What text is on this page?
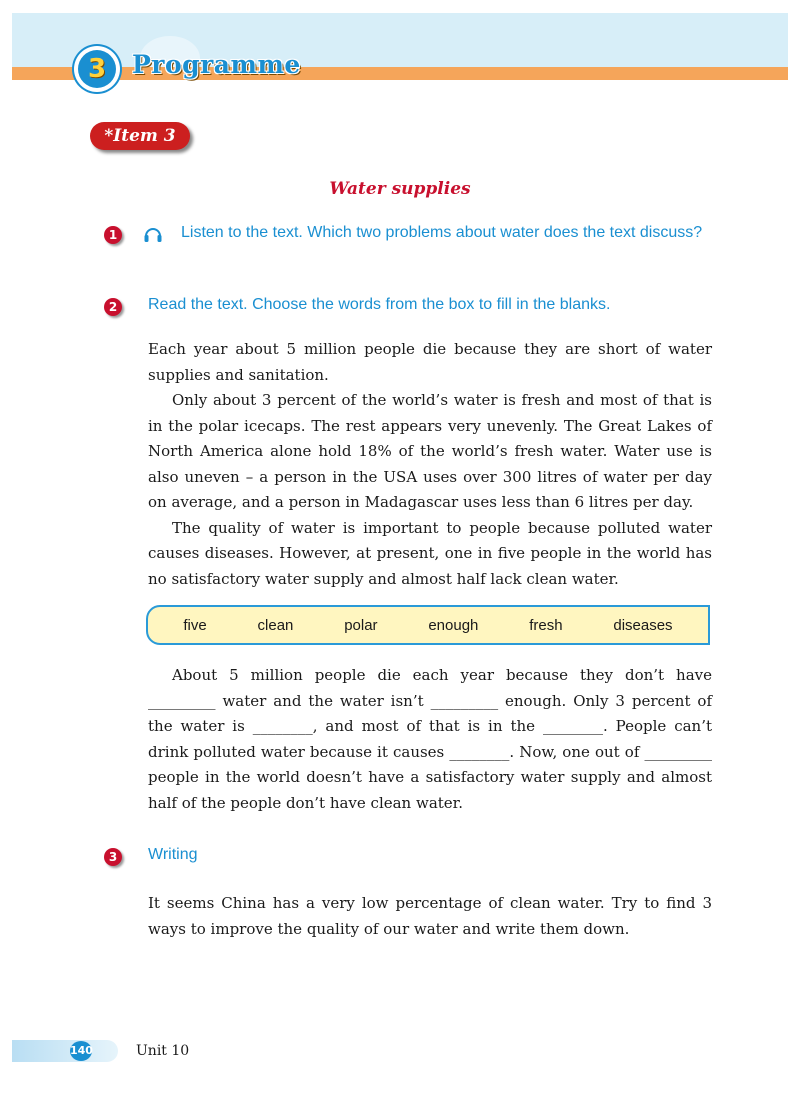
3	Programme
*Item 3
Water supplies
1	Listen to the text. Which two problems about water does the text discuss?
2	Read the text. Choose the words from the box to fill in the blanks.

Each year about 5 million people die because they are short of water supplies and sanitation.

Only about 3 percent of the world’s water is fresh and most of that is in the polar icecaps. The rest appears very unevenly. The Great Lakes of North America alone hold 18% of the world’s fresh water. Water use is also uneven – a person in the USA uses over 300 litres of water per day on average, and a person in Madagascar uses less than 6 litres per day.

The quality of water is important to people because polluted water causes diseases. However, at present, one in five people in the world has no satisfactory water supply and almost half lack clean water.

five	clean	polar	enough	fresh	diseases

About 5 million people die each year because they don’t have _________ water and the water isn’t _________ enough. Only 3 percent of the water is ________, and most of that is in the ________. People can’t drink polluted water because it causes ________. Now, one out of _________ people in the world doesn’t have a satisfactory water supply and almost half of the people don’t have clean water.

3	Writing

It seems China has a very low percentage of clean water. Try to find 3 ways to improve the quality of our water and write them down.

140	Unit 10
